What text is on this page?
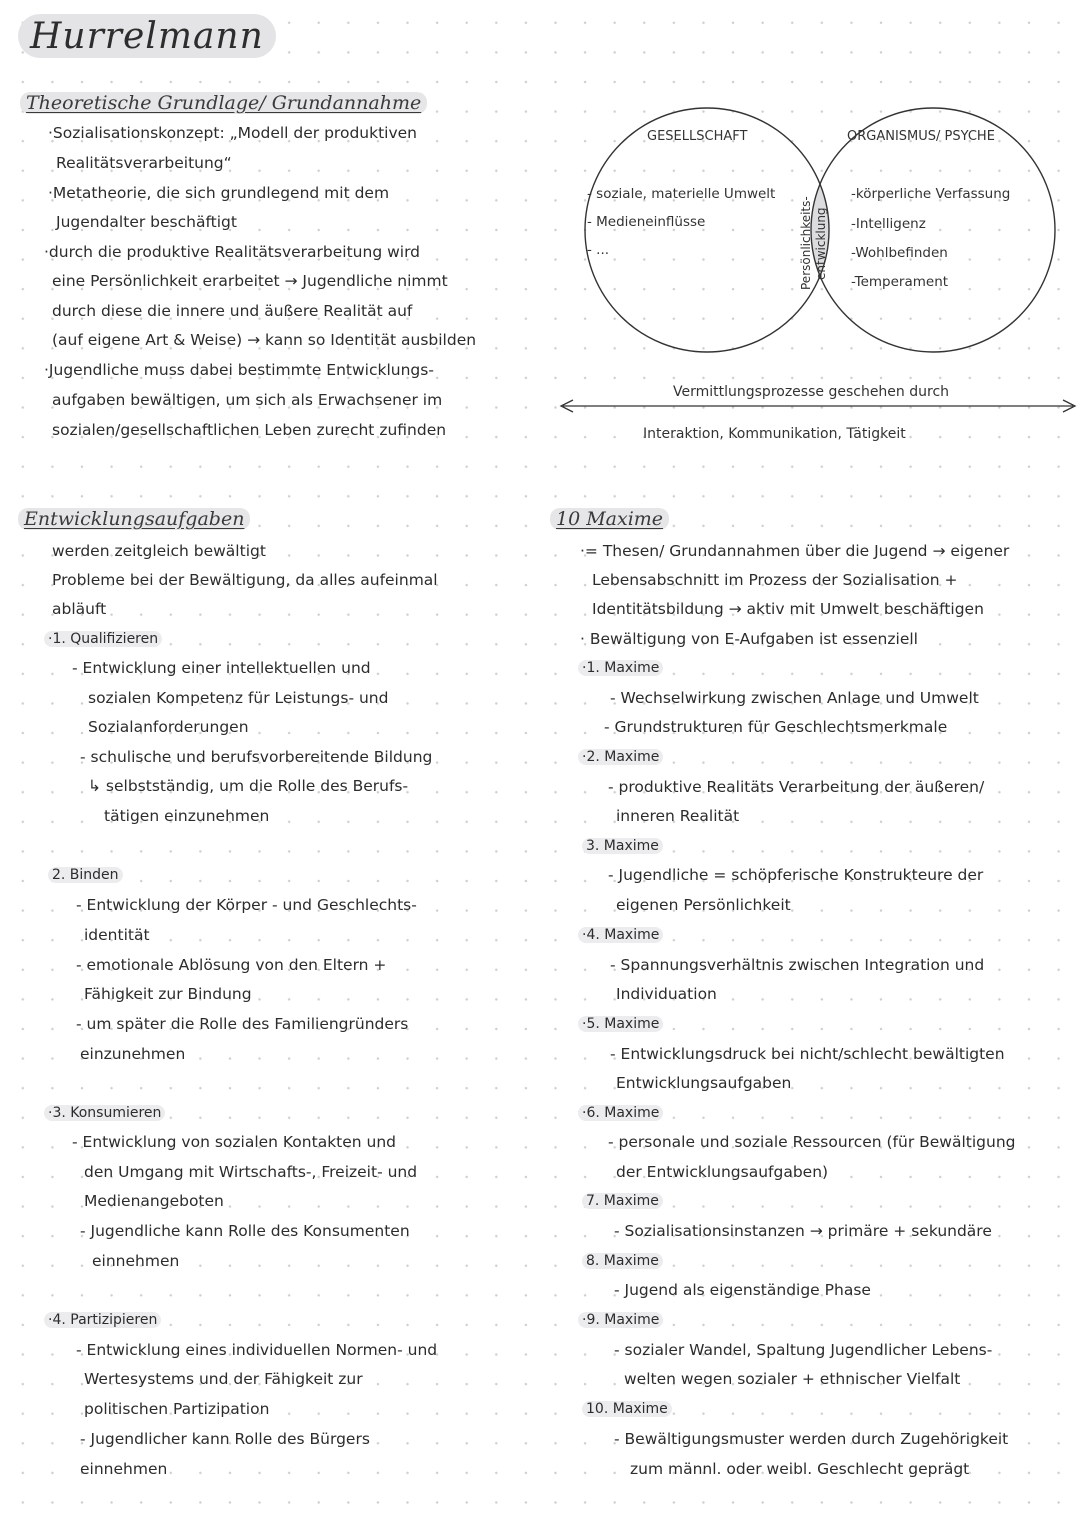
Hurrelmann
Theoretische Grundlage/ Grundannahme
·Sozialisationskonzept: „Modell der produktiven
Realitätsverarbeitung“
·Metatheorie, die sich grundlegend mit dem
Jugendalter beschäftigt
·durch die produktive Realitätsverarbeitung wird
eine Persönlichkeit erarbeitet → Jugendliche nimmt
durch diese die innere und äußere Realität auf
(auf eigene Art & Weise) → kann so Identität ausbilden
·Jugendliche muss dabei bestimmte Entwicklungs-
aufgaben bewältigen, um sich als Erwachsener im
sozialen/gesellschaftlichen Leben zurecht zufinden
GESELLSCHAFT	ORGANISMUS/ PSYCHE
- soziale, materielle Umwelt
- Medieneinflüsse
- ...
-körperliche Verfassung
-Intelligenz
-Wohlbefinden
-Temperament
Persönlichkeits- entwicklung
Vermittlungsprozesse geschehen durch
Interaktion, Kommunikation, Tätigkeit
Entwicklungsaufgaben
werden zeitgleich bewältigt
Probleme bei der Bewältigung, da alles aufeinmal
abläuft
·1. Qualifizieren
- Entwicklung einer intellektuellen und
sozialen Kompetenz für Leistungs- und
Sozialanforderungen
- schulische und berufsvorbereitende Bildung
↳ selbstständig, um die Rolle des Berufs-
tätigen einzunehmen
2. Binden
- Entwicklung der Körper - und Geschlechts-
identität
- emotionale Ablösung von den Eltern +
Fähigkeit zur Bindung
- um später die Rolle des Familiengründers
einzunehmen
·3. Konsumieren
- Entwicklung von sozialen Kontakten und
den Umgang mit Wirtschafts-, Freizeit- und
Medienangeboten
- Jugendliche kann Rolle des Konsumenten
einnehmen
·4. Partizipieren
- Entwicklung eines individuellen Normen- und
Wertesystems und der Fähigkeit zur
politischen Partizipation
- Jugendlicher kann Rolle des Bürgers
einnehmen
10 Maxime
·= Thesen/ Grundannahmen über die Jugend → eigener
Lebensabschnitt im Prozess der Sozialisation +
Identitätsbildung → aktiv mit Umwelt beschäftigen
· Bewältigung von E-Aufgaben ist essenziell
·1. Maxime
- Wechselwirkung zwischen Anlage und Umwelt
- Grundstrukturen für Geschlechtsmerkmale
·2. Maxime
- produktive Realitäts Verarbeitung der äußeren/
inneren Realität
3. Maxime
- Jugendliche = schöpferische Konstrukteure der
eigenen Persönlichkeit
·4. Maxime
- Spannungsverhältnis zwischen Integration und
Individuation
·5. Maxime
- Entwicklungsdruck bei nicht/schlecht bewältigten
Entwicklungsaufgaben
·6. Maxime
- personale und soziale Ressourcen (für Bewältigung
der Entwicklungsaufgaben)
7. Maxime
- Sozialisationsinstanzen → primäre + sekundäre
8. Maxime
- Jugend als eigenständige Phase
·9. Maxime
- sozialer Wandel, Spaltung Jugendlicher Lebens-
welten wegen sozialer + ethnischer Vielfalt
10. Maxime
- Bewältigungsmuster werden durch Zugehörigkeit
zum männl. oder weibl. Geschlecht geprägt
